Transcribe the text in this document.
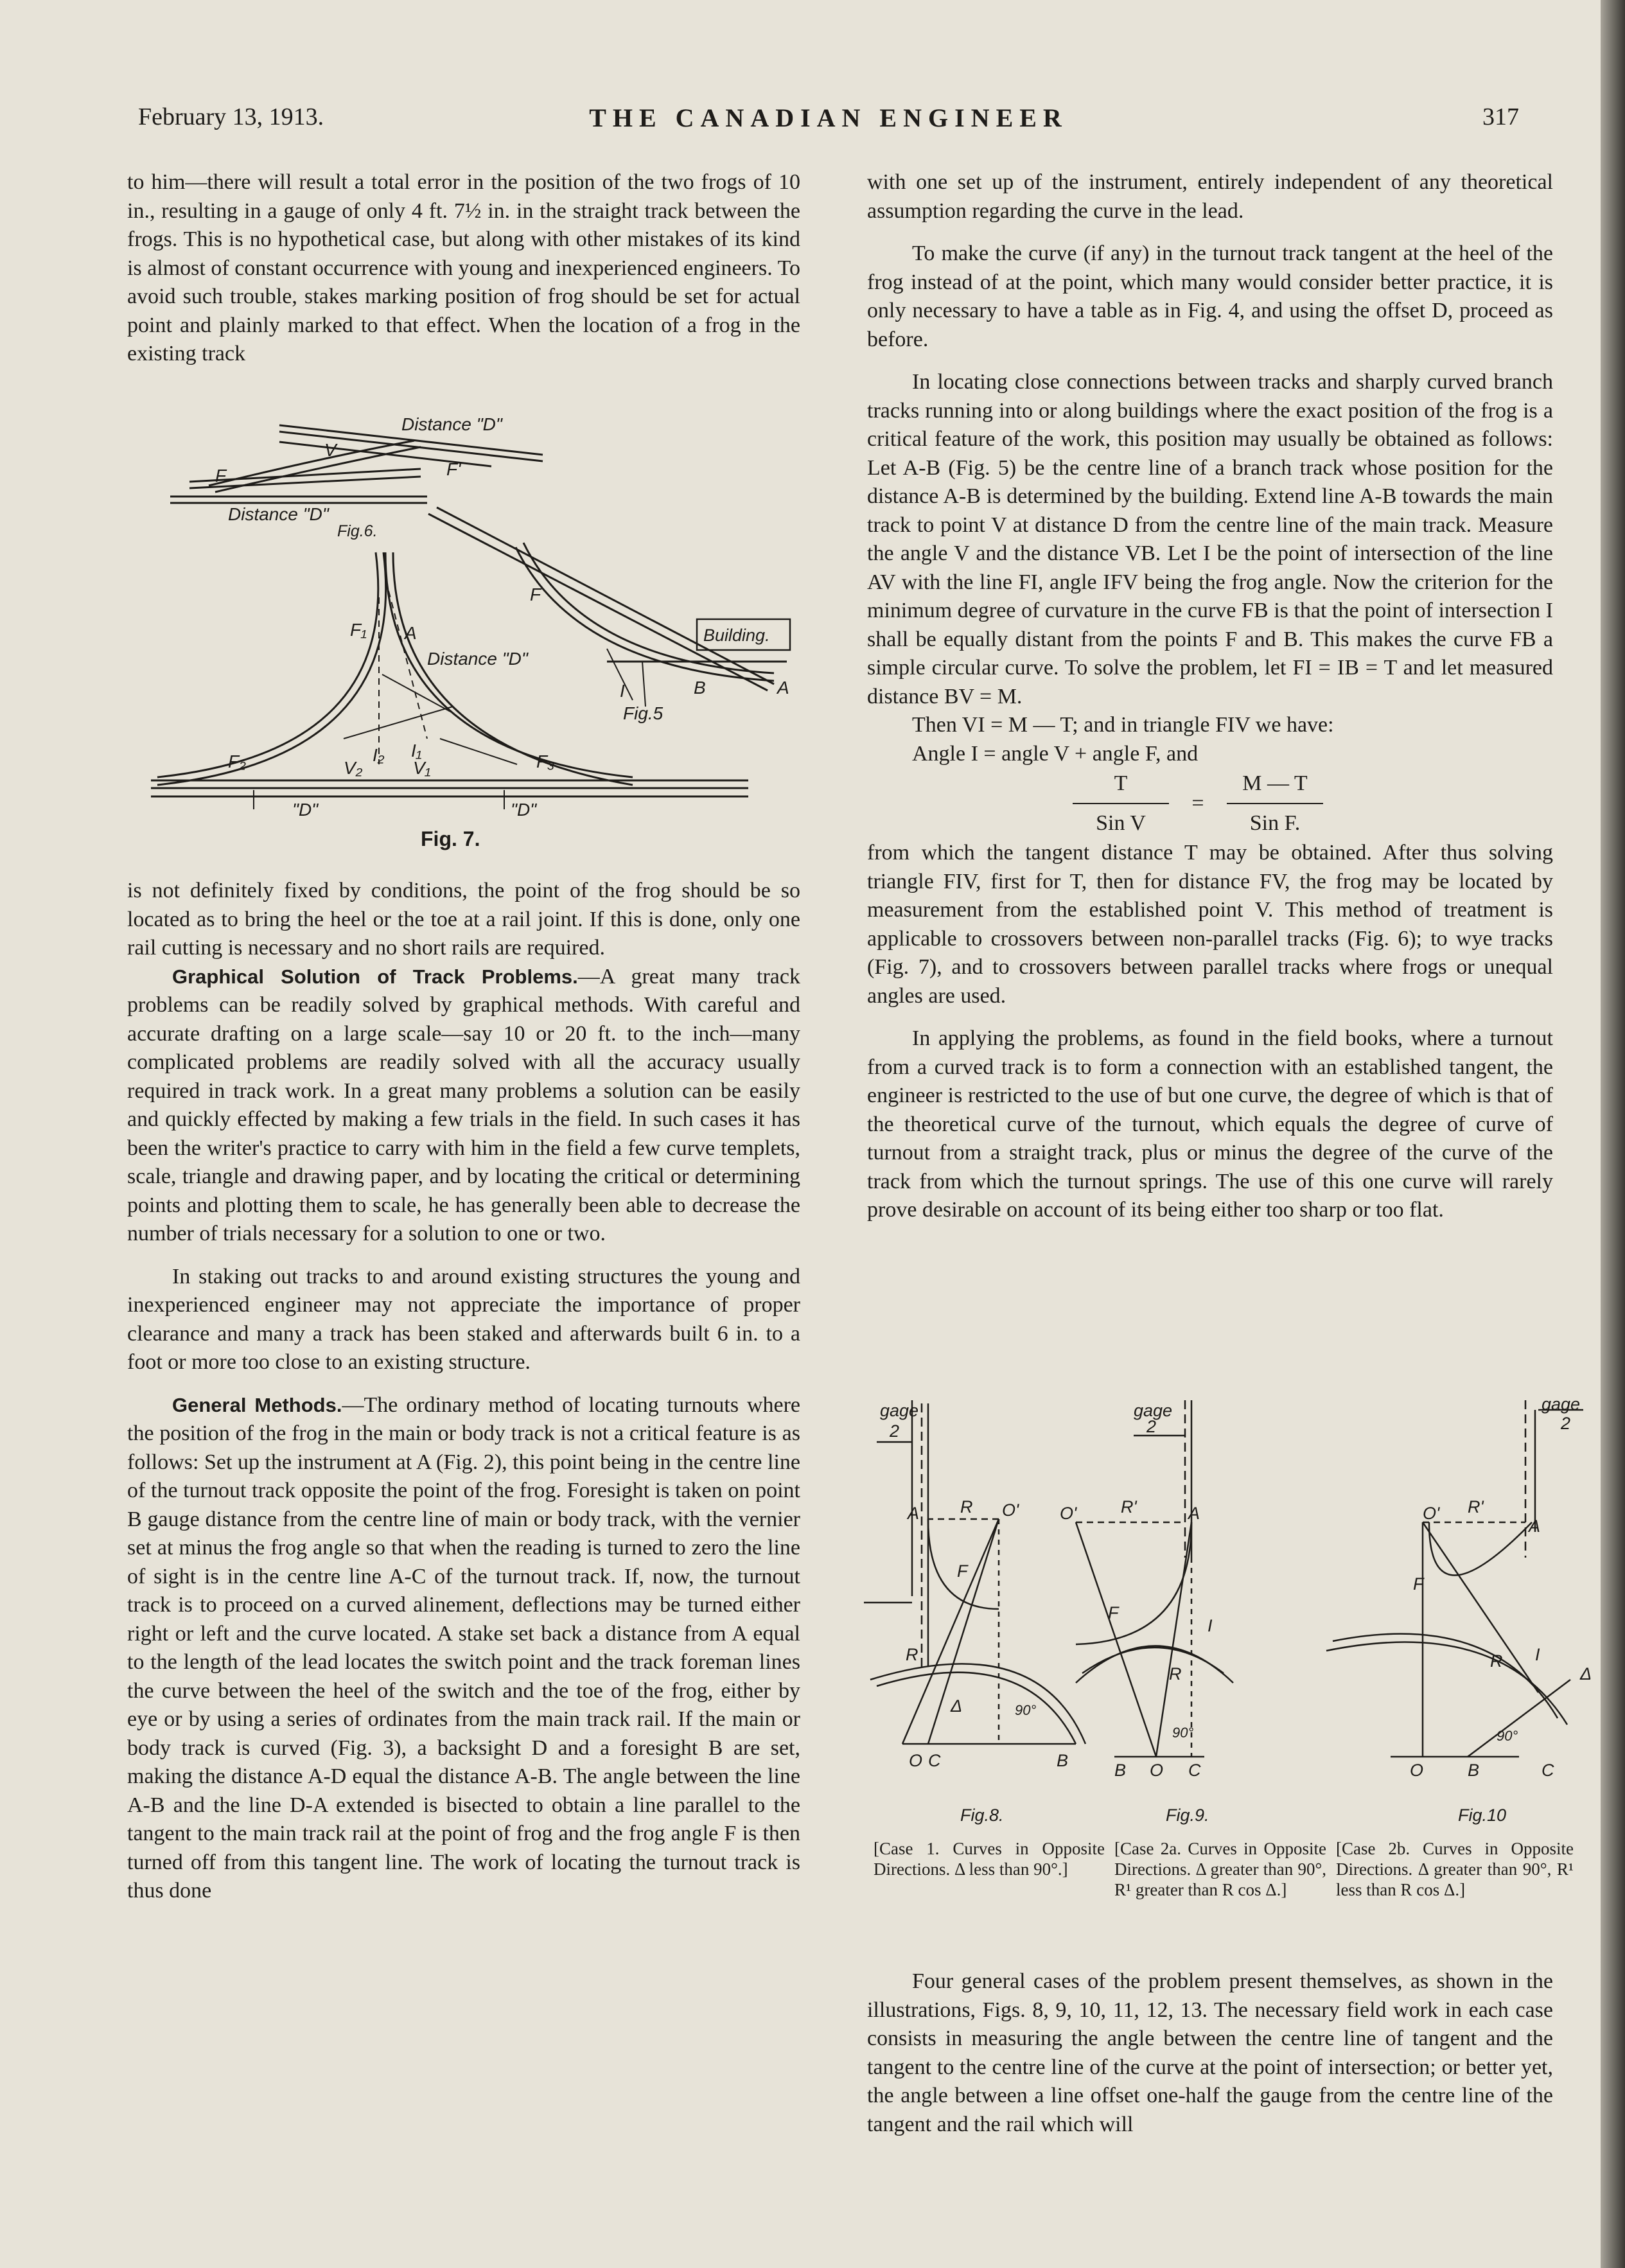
February 13, 1913.	THE CANADIAN ENGINEER	317

to him—there will result a total error in the position of the two frogs of 10 in., resulting in a gauge of only 4 ft. 7½ in. in the straight track between the frogs. This is no hypothetical case, but along with other mistakes of its kind is almost of constant occurrence with young and inexperienced engineers. To avoid such trouble, stakes marking position of frog should be set for actual point and plainly marked to that effect. When the location of a frog in the existing track

Distance "D"
Distance "D"
Fig.6.
V
F	F'
F₁ A
F
Distance "D"
Building.
I	B	A
Fig.5
F₂	F₃
V₂
I₂ I₁
V₁
"D"	"D"
Fig. 7.

is not definitely fixed by conditions, the point of the frog should be so located as to bring the heel or the toe at a rail joint. If this is done, only one rail cutting is necessary and no short rails are required.

Graphical Solution of Track Problems.—A great many track problems can be readily solved by graphical methods. With careful and accurate drafting on a large scale—say 10 or 20 ft. to the inch—many complicated problems are readily solved with all the accuracy usually required in track work. In a great many problems a solution can be easily and quickly effected by making a few trials in the field. In such cases it has been the writer's practice to carry with him in the field a few curve templets, scale, triangle and drawing paper, and by locating the critical or determining points and plotting them to scale, he has generally been able to decrease the number of trials necessary for a solution to one or two.

In staking out tracks to and around existing structures the young and inexperienced engineer may not appreciate the importance of proper clearance and many a track has been staked and afterwards built 6 in. to a foot or more too close to an existing structure.

General Methods.—The ordinary method of locating turnouts where the position of the frog in the main or body track is not a critical feature is as follows: Set up the instrument at A (Fig. 2), this point being in the centre line of the turnout track opposite the point of the frog. Foresight is taken on point B gauge distance from the centre line of main or body track, with the vernier set at minus the frog angle so that when the reading is turned to zero the line of sight is in the centre line A-C of the turnout track. If, now, the turnout track is to proceed on a curved alinement, deflections may be turned either right or left and the curve located. A stake set back a distance from A equal to the length of the lead locates the switch point and the track foreman lines the curve between the heel of the switch and the toe of the frog, either by eye or by using a series of ordinates from the main track rail. If the main or body track is curved (Fig. 3), a backsight D and a foresight B are set, making the distance A-D equal the distance A-B. The angle between the line A-B and the line D-A extended is bisected to obtain a line parallel to the tangent to the main track rail at the point of frog and the frog angle F is then turned off from this tangent line. The work of locating the turnout track is thus done

with one set up of the instrument, entirely independent of any theoretical assumption regarding the curve in the lead.

To make the curve (if any) in the turnout track tangent at the heel of the frog instead of at the point, which many would consider better practice, it is only necessary to have a table as in Fig. 4, and using the offset D, proceed as before.

In locating close connections between tracks and sharply curved branch tracks running into or along buildings where the exact position of the frog is a critical feature of the work, this position may usually be obtained as follows: Let A-B (Fig. 5) be the centre line of a branch track whose position for the distance A-B is determined by the building. Extend line A-B towards the main track to point V at distance D from the centre line of the main track. Measure the angle V and the distance VB. Let I be the point of intersection of the line AV with the line FI, angle IFV being the frog angle. Now the criterion for the minimum degree of curvature in the curve FB is that the point of intersection I shall be equally distant from the points F and B. This makes the curve FB a simple circular curve. To solve the problem, let FI = IB = T and let measured distance BV = M.

Then VI = M — T; and in triangle FIV we have:

Angle I = angle V + angle F, and

T
Sin V
=
M — T
Sin F.

from which the tangent distance T may be obtained. After thus solving triangle FIV, first for T, then for distance FV, the frog may be located by measurement from the established point V. This method of treatment is applicable to crossovers between non-parallel tracks (Fig. 6); to wye tracks (Fig. 7), and to crossovers between parallel tracks where frogs or unequal angles are used.

In applying the problems, as found in the field books, where a turnout from a curved track is to form a connection with an established tangent, the engineer is restricted to the use of but one curve, the degree of which is that of the theoretical curve of the turnout, which equals the degree of curve of turnout from a straight track, plus or minus the degree of the curve of the track from which the turnout springs. The use of this one curve will rarely prove desirable on account of its being either too sharp or too flat.

gage
2
R O'
A
F
R
Δ	90°
O C	B
Fig.8.
gage
2
R'
O'	A
F
I
R
90°
B O C
Fig.9.
gage
2
R'
O'
A
F
I
Δ
R
90°
O	B	C
Fig.10
[Case 1. Curves in Opposite Directions. Δ less than 90°.]
[Case 2a. Curves in Opposite Directions. Δ greater than 90°, R¹ greater than R cos Δ.]
[Case 2b. Curves in Opposite Directions. Δ greater than 90°, R¹ less than R cos Δ.]

Four general cases of the problem present themselves, as shown in the illustrations, Figs. 8, 9, 10, 11, 12, 13. The necessary field work in each case consists in measuring the angle between the centre line of tangent and the tangent to the centre line of the curve at the point of intersection; or better yet, the angle between a line offset one-half the gauge from the centre line of the tangent and the rail which will
